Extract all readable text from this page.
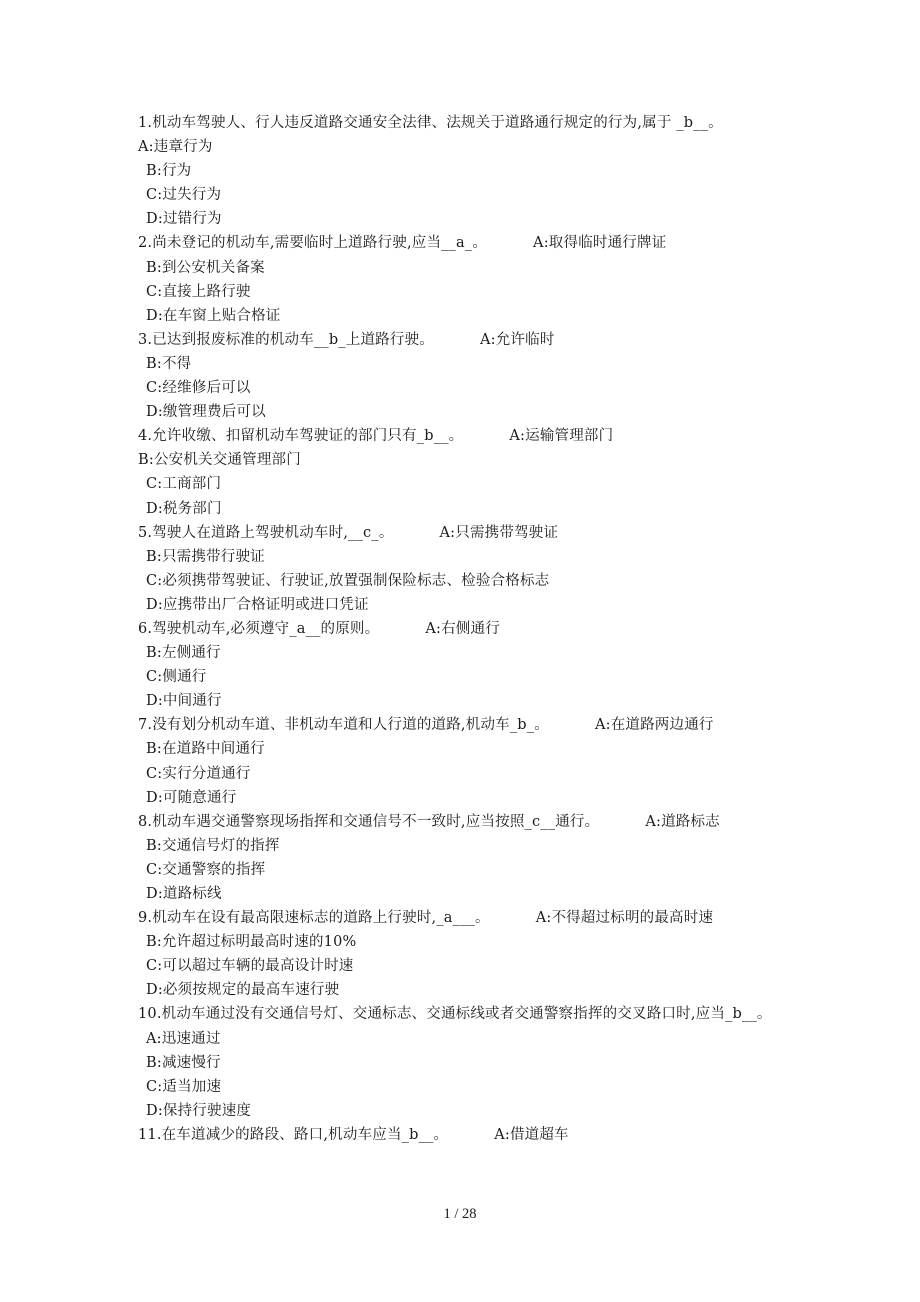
1.机动车驾驶人、行人违反道路交通安全法律、法规关于道路通行规定的行为,属于 _b__。
A:违章行为
B:行为
C:过失行为
D:过错行为
2.尚未登记的机动车,需要临时上道路行驶,应当__a_。	A:取得临时通行牌证
B:到公安机关备案
C:直接上路行驶
D:在车窗上贴合格证
3.已达到报废标准的机动车__b_上道路行驶。	A:允许临时
B:不得
C:经维修后可以
D:缴管理费后可以
4.允许收缴、扣留机动车驾驶证的部门只有_b__。	A:运输管理部门
B:公安机关交通管理部门
C:工商部门
D:税务部门
5.驾驶人在道路上驾驶机动车时,__c_。	A:只需携带驾驶证
B:只需携带行驶证
C:必须携带驾驶证、行驶证,放置强制保险标志、检验合格标志
D:应携带出厂合格证明或进口凭证
6.驾驶机动车,必须遵守_a__的原则。	A:右侧通行
B:左侧通行
C:侧通行
D:中间通行
7.没有划分机动车道、非机动车道和人行道的道路,机动车_b_。	A:在道路两边通行
B:在道路中间通行
C:实行分道通行
D:可随意通行
8.机动车遇交通警察现场指挥和交通信号不一致时,应当按照_c__通行。	A:道路标志
B:交通信号灯的指挥
C:交通警察的指挥
D:道路标线
9.机动车在设有最高限速标志的道路上行驶时,_a___。	A:不得超过标明的最高时速
B:允许超过标明最高时速的10%
C:可以超过车辆的最高设计时速
D:必须按规定的最高车速行驶
10.机动车通过没有交通信号灯、交通标志、交通标线或者交通警察指挥的交叉路口时,应当_b__。
A:迅速通过
B:减速慢行
C:适当加速
D:保持行驶速度
11.在车道减少的路段、路口,机动车应当_b__。	A:借道超车
1 / 28
